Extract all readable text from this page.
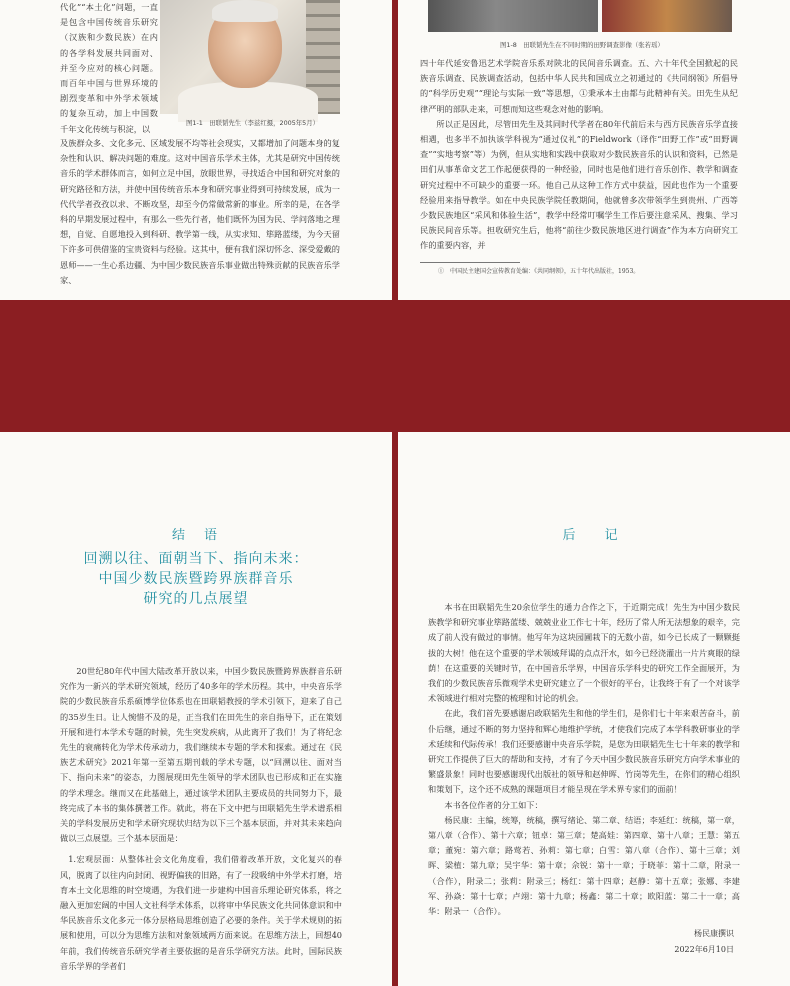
代化”“本土化”问题，一直是包含中国传统音乐研究（汉族和少数民族）在内的各学科发展共同面对、并至今应对的核心问题。而百年中国与世界环境的剧烈变革和中外学术领域的复杂互动，加上中国数千年文化传统与积淀，以

图1-1　田联韬先生（李兹红摄，2005年5月）

及族群众多、文化多元、区域发展不均等社会现实，又都增加了问题本身的复杂性和认识、解决问题的难度。这对中国音乐学术主体，尤其是研究中国传统音乐的学术群体而言，如何立足中国，放眼世界，寻找适合中国和研究对象的研究路径和方法，并使中国传统音乐本身和研究事业得到可持续发展，成为一代代学者孜孜以求、不断攻坚，却至今仍常做常新的事业。所幸的是，在各学科的早期发展过程中，有那么一些先行者，他们既怀为国为民、学问落地之理想，自觉、自愿地投入到科研、教学第一线，从实求知、筚路蓝缕，为今天留下许多可供借鉴的宝贵资料与经验。这其中，便有我们深切怀念、深受爱戴的恩师——一生心系边疆、为中国少数民族音乐事业做出特殊贡献的民族音乐学家、

图1-8　田联韬先生在不同时期的田野调查影像（张若瑶）

四十年代延安鲁迅艺术学院音乐系对陕北的民间音乐调查。五、六十年代全国掀起的民族音乐调查、民族调查活动，包括中华人民共和国成立之初通过的《共同纲领》所倡导的“科学历史观”“理论与实际一致”等思想，①秉承本土由都与此精神有关。田先生从纪律严明的部队走来，可想而知这些观念对他的影响。

所以正是因此，尽管田先生及其同时代学者在80年代前后未与西方民族音乐学直接相遇，也多半不加执该学科视为“通过仪礼”的Fieldwork（译作“田野工作”或“田野调查”“实地考察”等）为例，但从实地和实践中获取对少数民族音乐的认识和资料，已然是田们从事革命文艺工作起便获得的一种经验，同时也是他们进行音乐创作、教学和调查研究过程中不可缺少的重要一环。他自己从这种工作方式中获益，因此也作为一个重要经验用来指导教学。如在中央民族学院任教期间，他就曾多次带领学生到贵州、广西等少数民族地区“采风和体验生活”，教学中经常叮嘱学生工作后要注意采风、搜集、学习民族民间音乐等。担收研究生后，他将“前往少数民族地区进行调查”作为本方向研究工作的重要内容，并

①　中国民主建国会宣传教育处编：《共同纲领》，五十年代出版社，1953。
结　语
回溯以往、面朝当下、指向未来：
中国少数民族暨跨界族群音乐
研究的几点展望

20世纪80年代中国大陆改革开放以来，中国少数民族暨跨界族群音乐研究作为一新兴的学术研究领域，经历了40多年的学术历程。其中，中央音乐学院的少数民族音乐系硕博学位体系也在田联韬教授的学术引领下，迎来了自己的35岁生日。让人惋惜不及的是，正当我们在田先生的亲自指导下，正在策划开展和进行本学术专题的时候，先生突发疾病，从此离开了我们！为了将纪念先生的衰痛转化为学术传承动力，我们继续本专题的学术和探索。通过在《民族艺术研究》2021年第一至第五期刊载的学术专题，以“回溯以往、面对当下、指向未来”的姿态，力图展现田先生领导的学术团队也已形成和正在实施的学术理念。继而又在此基础上，通过该学术团队主要成员的共同努力下，最终完成了本书的集体撰著工作。就此，将在下文中把与田联韬先生学术谱系相关的学科发展历史和学术研究现状归结为以下三个基本层面，并对其未来趋向做以三点展望。三个基本层面是：

1.宏观层面：从整体社会文化角度看，我们借着改革开放，文化复兴的春风，脱离了以往内向封闭、视野偏狭的旧路，有了一段吸纳中外学术打磨，培育本土文化思维的时空境遇，为我们进一步建构中国音乐理论研究体系，将之融入更加宏阔的中国人文社科学术体系，以将审中华民族文化共同体意识和中华民族音乐文化多元一体分层格局思维创造了必要的条件。关于学术规则的拓展和使用，可以分为思维方法和对象领域两方面来说。在思维方法上，回想40年前，我们传统音乐研究学者主要依据的是音乐学研究方法。此时，国际民族音乐学界的学者们

后　记

本书在田联韬先生20余位学生的通力合作之下，于近期完成！先生为中国少数民族教学和研究事业筚路蓝缕、兢兢业业工作七十年，经历了常人所无法想象的艰辛，完成了前人没有做过的事情。他写年为这块园圃栽下的无数小苗，如今已长成了一颗颗挺拔的大树！他在这个重要的学术领域拜谒的点点汗水，如今已经浇灌出一片片爽眼的绿荫！在这重要的关键时节，在中国音乐学界，中国音乐学科史的研究工作全面展开，为我们的少数民族音乐微观学术史研究建立了一个很好的平台，让我终于有了一个对该学术领域进行相对完整的梳理和讨论的机会。

在此，我们首先要感谢启政联韬先生和他的学生们，是你们七十年来艰苦奋斗，前仆后继，通过不断的努力坚持和辉心地维护学统，才使我们完成了本学科教研事业的学术延续和代际传承！我们还要感谢中央音乐学院，是您为田联韬先生七十年来的教学和研究工作提供了巨大的帮助和支持，才有了今天中国少数民族音乐研究方向学术事业的繁盛景象！同时也要感谢现代出版社的领导和赵伸晖、竹岗等先生，在你们的精心组织和策划下，这个还不成熟的课题项目才能呈现在学术界专家们的面前！

本书各位作者的分工如下：

杨民康：主编，统筹，统稿，撰写绪论、第二章、结语；李延红：统稿，第一章，第八章（合作）、第十六章；钮卓：第三章；楚高娃：第四章、第十八章；王慧：第五章；董宛：第六章；路莺若、孙莉：第七章；白雪：第八章（合作）、第十三章；刘晖、梁植：第九章；吴宇华：第十章；佘锐：第十一章；于晓菲：第十二章，附录一（合作），附录二；张莉：附录三；杨红：第十四章；赵静：第十五章；张娜、李建军、孙焱：第十七章；卢翊：第十九章；杨鑫：第二十章；欧阳蓝：第二十一章；高华：附录一（合作）。

杨民康撰识
2022年6月10日
